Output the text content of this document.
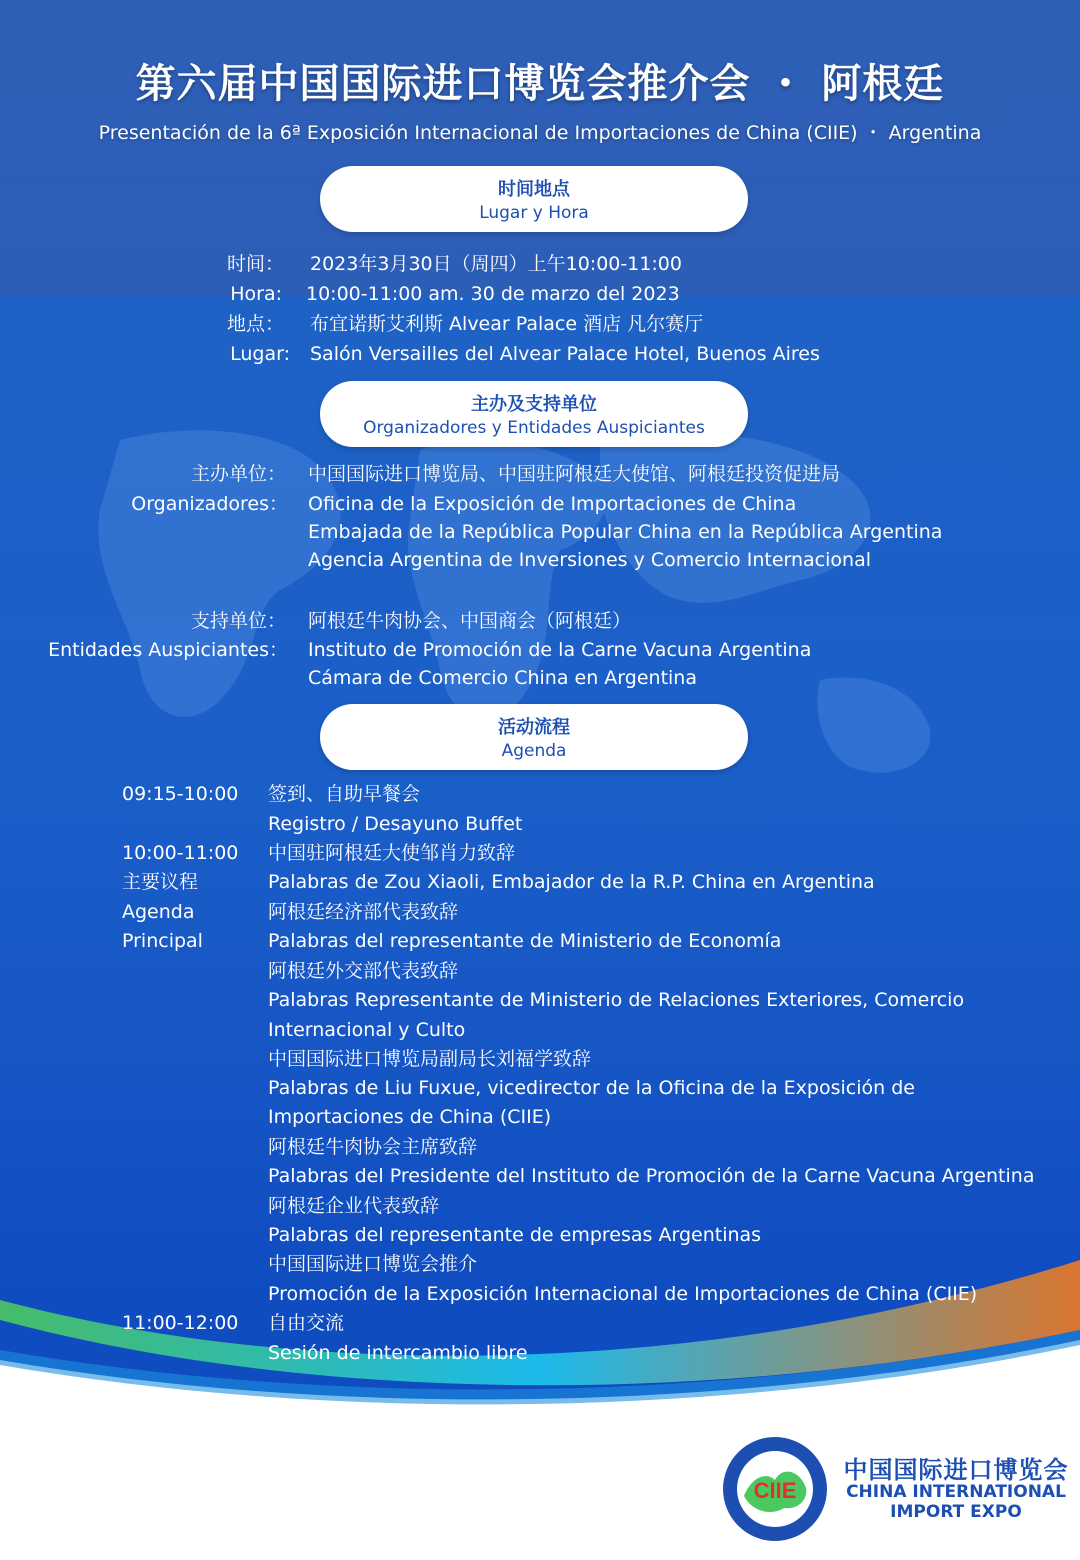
第六届中国国际进口博览会推介会 ・ 阿根廷
Presentación de la 6ª Exposición Internacional de Importaciones de China (CIIE) ・ Argentina
时间地点
Lugar y Hora
时间： 2023年3月30日（周四）上午10:00-11:00
Hora: 10:00-11:00 am. 30 de marzo del 2023
地点： 布宜诺斯艾利斯 Alvear Palace 酒店 凡尔赛厅
Lugar: Salón Versailles del Alvear Palace Hotel, Buenos Aires
主办及支持单位
Organizadores y Entidades Auspiciantes
主办单位：
Organizadores：
中国国际进口博览局、中国驻阿根廷大使馆、阿根廷投资促进局
Oficina de la Exposición de Importaciones de China
Embajada de la República Popular China en la República Argentina
Agencia Argentina de Inversiones y Comercio Internacional
支持单位：
Entidades Auspiciantes：
阿根廷牛肉协会、中国商会（阿根廷）
Instituto de Promoción de la Carne Vacuna Argentina
Cámara de Comercio China en Argentina
活动流程
Agenda
09:15-10:00
10:00-11:00
主要议程
Agenda
Principal
11:00-12:00
签到、自助早餐会
Registro / Desayuno Buffet
中国驻阿根廷大使邹肖力致辞
Palabras de Zou Xiaoli, Embajador de la R.P. China en Argentina
阿根廷经济部代表致辞
Palabras del representante de Ministerio de Economía
阿根廷外交部代表致辞
Palabras Representante de Ministerio de Relaciones Exteriores, Comercio
Internacional y Culto
中国国际进口博览局副局长刘福学致辞
Palabras de Liu Fuxue, vicedirector de la Oficina de la Exposición de
Importaciones de China (CIIE)
阿根廷牛肉协会主席致辞
Palabras del Presidente del Instituto de Promoción de la Carne Vacuna Argentina
阿根廷企业代表致辞
Palabras del representante de empresas Argentinas
中国国际进口博览会推介
Promoción de la Exposición Internacional de Importaciones de China (CIIE)
自由交流
Sesión de intercambio libre
CIIE
中国国际进口博览会
CHINA INTERNATIONAL
IMPORT EXPO
